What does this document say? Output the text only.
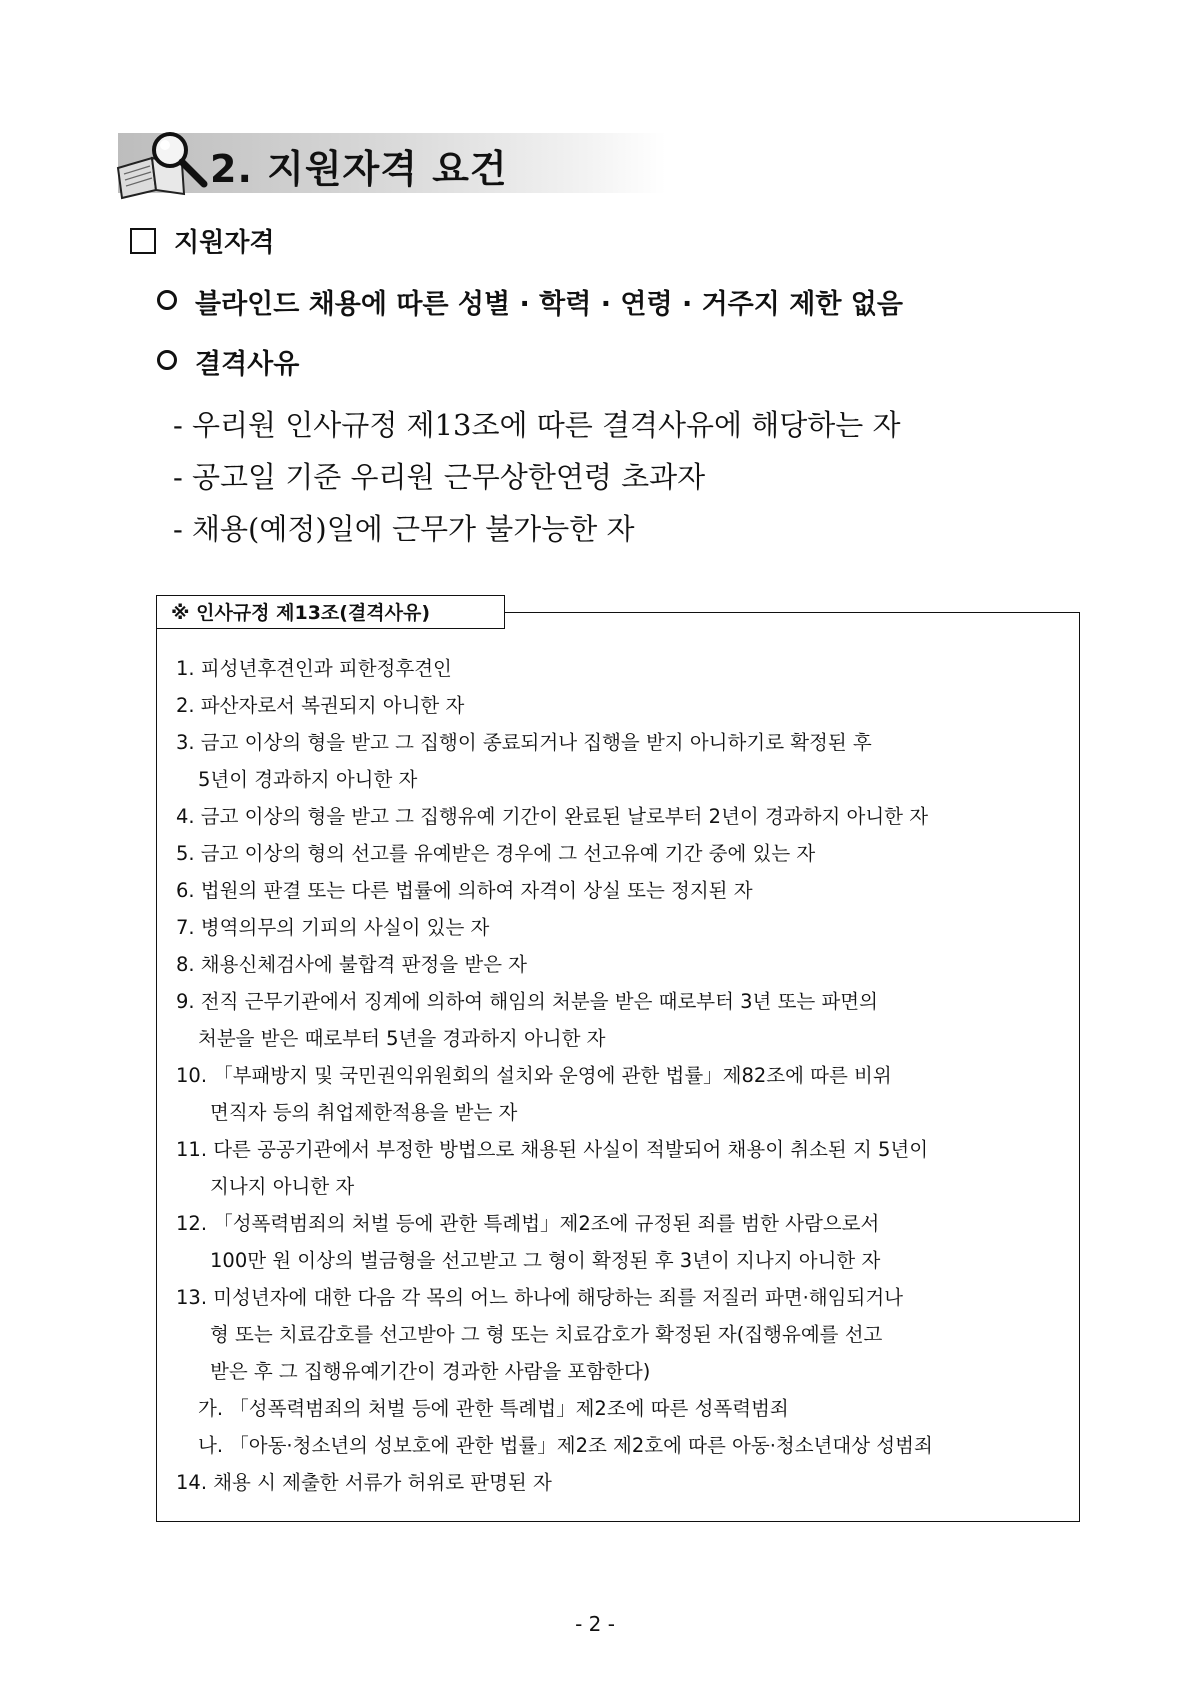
2. 지원자격 요건
지원자격
블라인드 채용에 따른 성별 · 학력 · 연령 · 거주지 제한 없음
결격사유
- 우리원 인사규정 제13조에 따른 결격사유에 해당하는 자
- 공고일 기준 우리원 근무상한연령 초과자
- 채용(예정)일에 근무가 불가능한 자
※ 인사규정 제13조(결격사유)
1. 피성년후견인과 피한정후견인
2. 파산자로서 복권되지 아니한 자
3. 금고 이상의 형을 받고 그 집행이 종료되거나 집행을 받지 아니하기로 확정된 후
5년이 경과하지 아니한 자
4. 금고 이상의 형을 받고 그 집행유예 기간이 완료된 날로부터 2년이 경과하지 아니한 자
5. 금고 이상의 형의 선고를 유예받은 경우에 그 선고유예 기간 중에 있는 자
6. 법원의 판결 또는 다른 법률에 의하여 자격이 상실 또는 정지된 자
7. 병역의무의 기피의 사실이 있는 자
8. 채용신체검사에 불합격 판정을 받은 자
9. 전직 근무기관에서 징계에 의하여 해임의 처분을 받은 때로부터 3년 또는 파면의
처분을 받은 때로부터 5년을 경과하지 아니한 자
10. 「부패방지 및 국민권익위원회의 설치와 운영에 관한 법률」제82조에 따른 비위
면직자 등의 취업제한적용을 받는 자
11. 다른 공공기관에서 부정한 방법으로 채용된 사실이 적발되어 채용이 취소된 지 5년이
지나지 아니한 자
12. 「성폭력범죄의 처벌 등에 관한 특례법」제2조에 규정된 죄를 범한 사람으로서
100만 원 이상의 벌금형을 선고받고 그 형이 확정된 후 3년이 지나지 아니한 자
13. 미성년자에 대한 다음 각 목의 어느 하나에 해당하는 죄를 저질러 파면·해임되거나
형 또는 치료감호를 선고받아 그 형 또는 치료감호가 확정된 자(집행유예를 선고
받은 후 그 집행유예기간이 경과한 사람을 포함한다)
가. 「성폭력범죄의 처벌 등에 관한 특례법」제2조에 따른 성폭력범죄
나. 「아동·청소년의 성보호에 관한 법률」제2조 제2호에 따른 아동·청소년대상 성범죄
14. 채용 시 제출한 서류가 허위로 판명된 자
- 2 -
